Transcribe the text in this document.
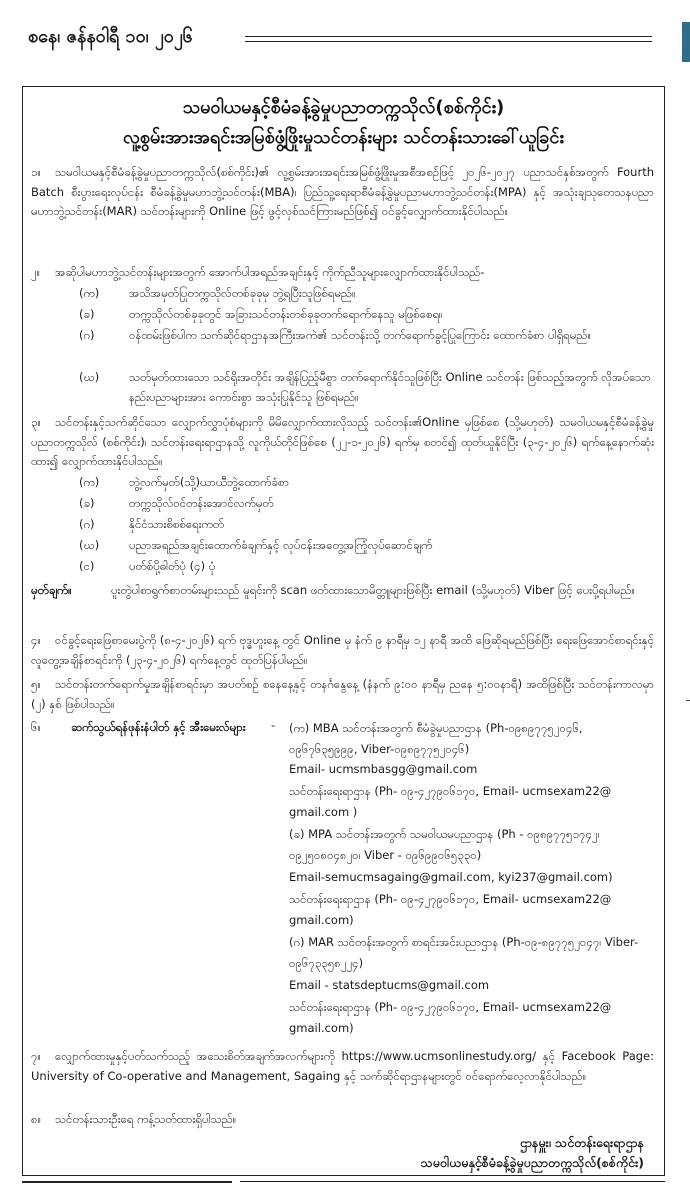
စနေ၊ ဇန်နဝါရီ ၁၀၊ ၂၀၂၆
သမဝါယမနှင့်စီမံခန့်ခွဲမှုပညာတက္ကသိုလ်(စစ်ကိုင်း)
လူ့စွမ်းအားအရင်းအမြစ်ဖွံ့ဖြိုးမှုသင်တန်းများ သင်တန်းသားခေါ်ယူခြင်း
၁။ သမဝါယမနှင့်စီမံခန့်ခွဲမှုပညာတက္ကသိုလ်(စစ်ကိုင်း)၏ လူ့စွမ်းအားအရင်းအမြစ်ဖွံ့ဖြိုးမှုအစီအစဉ်ဖြင့် ၂၀၂၆-၂၀၂၇ ပညာသင်နှစ်အတွက် Fourth Batch စီးပွားရေးလုပ်ငန်း စီမံခန့်ခွဲမှုမဟာဘွဲ့သင်တန်း(MBA)၊ ပြည်သူ့ရေးရာစီမံခန့်ခွဲမှုပညာမဟာဘွဲ့သင်တန်း(MPA) နှင့် အသုံးချသုတေသနပညာမဟာဘွဲ့သင်တန်း(MAR) သင်တန်းများကို Online ဖြင့် ဖွင့်လှစ်သင်ကြားမည်ဖြစ်၍ ဝင်ခွင့်လျှောက်ထားနိုင်ပါသည်။
၂။ အဆိုပါမဟာဘွဲ့သင်တန်းများအတွက် အောက်ပါအရည်အချင်းနှင့် ကိုက်ညီသူများလျှောက်ထားနိုင်ပါသည်-
(က)	အသိအမှတ်ပြုတက္ကသိုလ်တစ်ခုခုမှ ဘွဲ့ရပြီးသူဖြစ်ရမည်။
(ခ)	တက္ကသိုလ်တစ်ခုခုတွင် အခြားသင်တန်းတစ်ခုခုတက်ရောက်နေသူ မဖြစ်စေရ။
(ဂ)	ဝန်ထမ်းဖြစ်ပါက သက်ဆိုင်ရာဌာနအကြီးအကဲ၏ သင်တန်းသို့ တက်ရောက်ခွင့်ပြုကြောင်း ထောက်ခံစာ ပါရှိရမည်။
(ဃ)	သတ်မှတ်ထားသော သင်ရိုးအတိုင်း အချိန်ပြည့်မီစွာ တက်ရောက်နိုင်သူဖြစ်ပြီး Online သင်တန်း ဖြစ်သည့်အတွက် လိုအပ်သောနည်းပညာများအား ကောင်းစွာ အသုံးပြုနိုင်သူ ဖြစ်ရမည်။
၃။ သင်တန်းနှင့်သက်ဆိုင်သော လျှောက်လွှာပုံစံများကို မိမိလျှောက်ထားလိုသည့် သင်တန်း၏Online မှဖြစ်စေ (သို့မဟုတ်) သမဝါယမနှင့်စီမံခန့်ခွဲမှုပညာတက္ကသိုလ် (စစ်ကိုင်း)၊ သင်တန်းရေးရာဌာနသို့ လူကိုယ်တိုင်ဖြစ်စေ (၂၂-၁-၂၀၂၆) ရက်မှ စတင်၍ ထုတ်ယူနိုင်ပြီး (၃-၄-၂၀၂၆) ရက်နေ့နောက်ဆုံးထား၍ လျှောက်ထားနိုင်ပါသည်။
(က)	ဘွဲ့လက်မှတ်(သို့)ယာယီဘွဲ့ထောက်ခံစာ
(ခ)	တက္ကသိုလ်ဝင်တန်းအောင်လက်မှတ်
(ဂ)	နိုင်ငံသားစိစစ်ရေးကတ်
(ဃ)	ပညာအရည်အချင်းထောက်ခံချက်နှင့် လုပ်ငန်းအတွေ့အကြုံလုပ်ဆောင်ချက်
(င)	ပတ်စ်ပို့ဓါတ်ပုံ (၄) ပုံ
မှတ်ချက်။	ပူးတွဲပါစာရွက်စာတမ်းများသည် မူရင်းကို scan ဖတ်ထားသောမိတ္တူများဖြစ်ပြီး email (သို့မဟုတ်) Viber ဖြင့် ပေးပို့ရပါမည်။
၄။ ဝင်ခွင့်ရေးဖြေစာမေးပွဲကို (၈-၄-၂၀၂၆) ရက် ဗုဒ္ဓဟူးနေ့ တွင် Online မှ နံက် ၉ နာရီမှ ၁၂ နာရီ အထိ ဖြေဆိုရမည်ဖြစ်ပြီး ရေးဖြေအောင်စာရင်းနှင့် လူတွေ့အချိန်စာရင်းကို (၂၃-၄-၂၀၂၆) ရက်နေ့တွင် ထုတ်ပြန်ပါမည်။
၅။ သင်တန်းတက်ရောက်မှုအချိန်စာရင်းမှာ အပတ်စဉ် စနေနေ့နှင့် တနင်္ဂနွေနေ့ (နံနက် ၉:၀၀ နာရီမှ ညနေ ၅:၀၀နာရီ) အထိဖြစ်ပြီး သင်တန်းကာလမှာ (၂) နှစ် ဖြစ်ပါသည်။
၆။	ဆက်သွယ်ရန်ဖုန်းနံပါတ် နှင့် အီးမေးလ်များ	- (က) MBA သင်တန်းအတွက် စီမံခွဲမှုပညာဌာန (Ph-၀၉၈၉၇၇၅၂၀၄၆, ၀၉၆၇၆၃၅၉၉၉, Viber-၀၉၈၉၇၇၅၂၀၄၆)
Email- ucmsmbasgg@gmail.com
သင်တန်းရေးရာဌာန (Ph- ၀၉-၄၂၇၉၀၆၁၇၀, Email- ucmsexam22@ gmail.com )
(ခ) MPA သင်တန်းအတွက် သမဝါယမပညာဌာန (Ph - ၀၉၈၉၇၇၅၁၇၄၂၊ ၀၉၂၅၀၈၀၄၈၂၀၊ Viber - ၀၉၆၉၉၀၆၅၃၃၀)
Email-semucmsagaing@gmail.com, kyi237@gmail.com)
သင်တန်းရေးရာဌာန (Ph- ၀၉-၄၂၇၉၀၆၁၇၀, Email- ucmsexam22@ gmail.com)
(ဂ) MAR သင်တန်းအတွက် စာရင်းအင်းပညာဌာန (Ph-၀၉-၈၉၇၇၅၂၀၄၇၊ Viber- ၀၉၆၇၃၃၅၈၂၂၄)
Email - statsdeptucms@gmail.com
သင်တန်းရေးရာဌာန (Ph- ၀၉-၄၂၇၉၀၆၁၇၀, Email- ucmsexam22@ gmail.com)
၇။ လျှောက်ထားမှုနှင့်ပတ်သက်သည့် အသေးစိတ်အချက်အလက်များကို https://www.ucmsonlinestudy.org/ နှင့် Facebook Page: University of Co-operative and Management, Sagaing နှင့် သက်ဆိုင်ရာဌာနများတွင် ဝင်ရောက်လေ့လာနိုင်ပါသည်။
၈။ သင်တန်းသားဦးရေ ကန့်သတ်ထားရှိပါသည်။
ဌာနမှူး၊ သင်တန်းရေးရာဌာန
သမဝါယမနှင့်စီမံခန့်ခွဲမှုပညာတက္ကသိုလ်(စစ်ကိုင်း)
